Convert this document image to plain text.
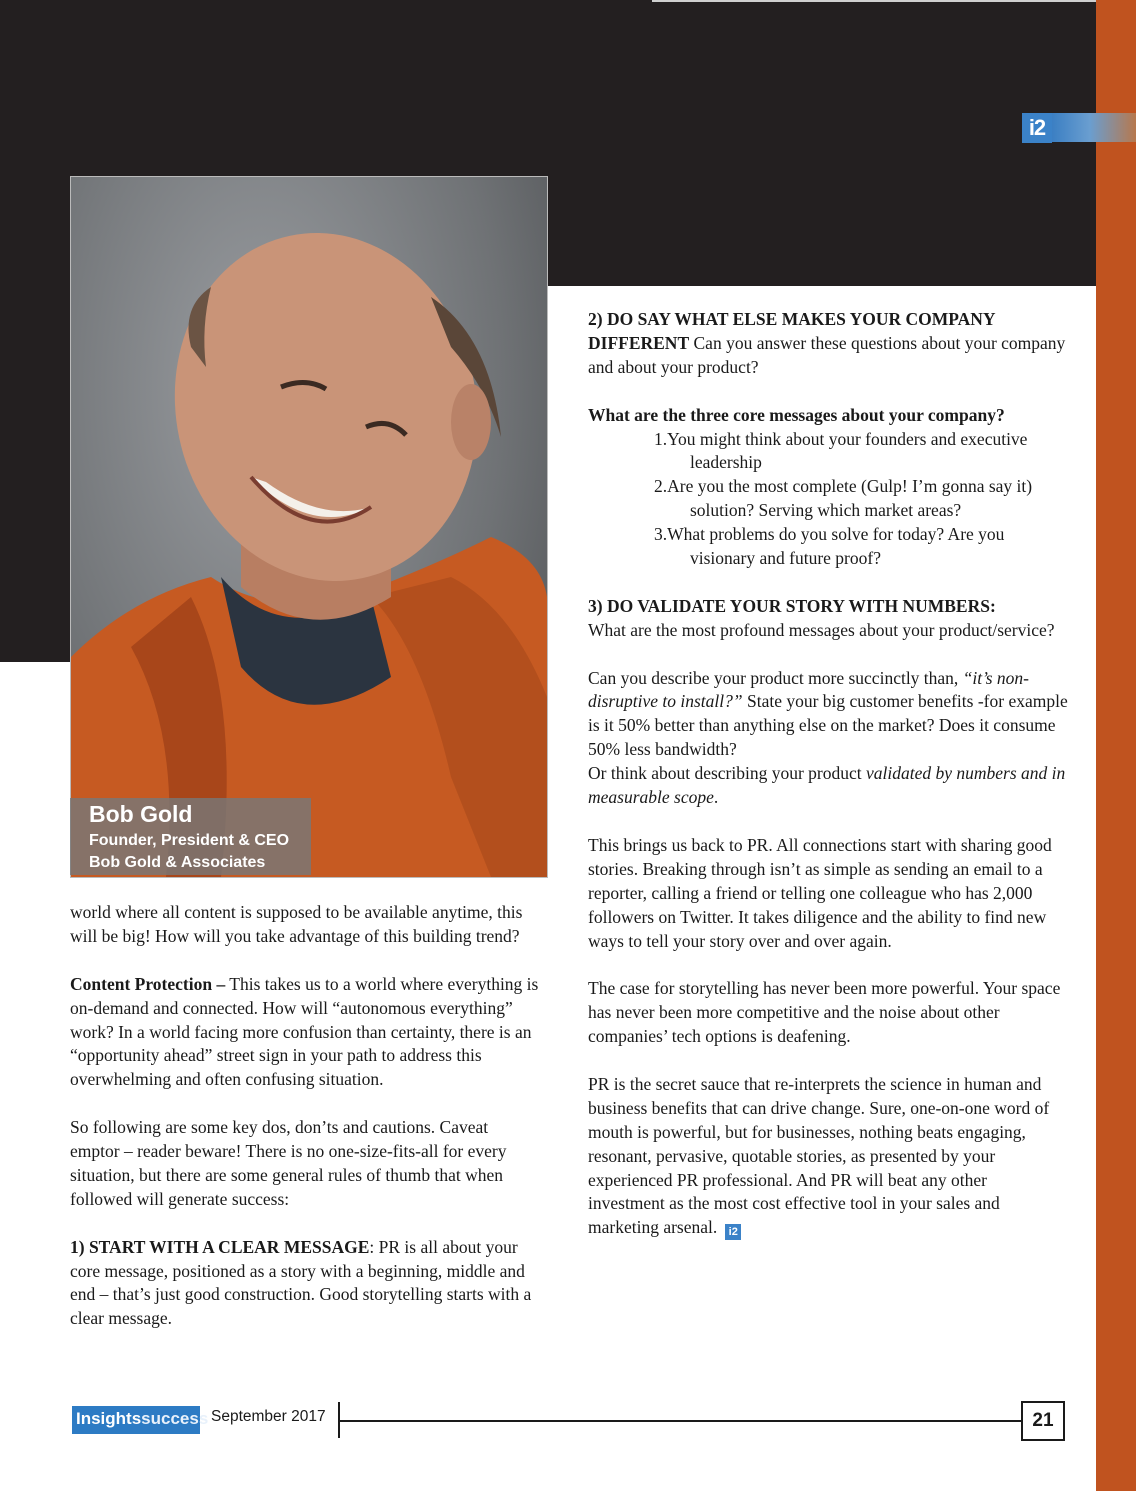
i2
Bob Gold
Founder, President & CEO
Bob Gold & Associates

world where all content is supposed to be available anytime, this will be big! How will you take advantage of this building trend?

Content Protection – This takes us to a world where everything is on-demand and connected. How will “autonomous everything” work? In a world facing more confusion than certainty, there is an “opportunity ahead” street sign in your path to address this overwhelming and often confusing situation.

So following are some key dos, don’ts and cautions. Caveat emptor – reader beware! There is no one-size-fits-all for every situation, but there are some general rules of thumb that when followed will generate success:

1) START WITH A CLEAR MESSAGE: PR is all about your core message, positioned as a story with a beginning, middle and end – that’s just good construction. Good storytelling starts with a clear message.

2) DO SAY WHAT ELSE MAKES YOUR COMPANY DIFFERENT Can you answer these questions about your company and about your product?

What are the three core messages about your company?
1.You might think about your founders and executive leadership
2.Are you the most complete (Gulp! I’m gonna say it) solution? Serving which market areas?
3.What problems do you solve for today? Are you visionary and future proof?
3) DO VALIDATE YOUR STORY WITH NUMBERS:

What are the most profound messages about your product/service?

Can you describe your product more succinctly than, “it’s non-disruptive to install?” State your big customer benefits -for example is it 50% better than anything else on the market? Does it consume 50% less bandwidth?
Or think about describing your product validated by numbers and in measurable scope.

This brings us back to PR. All connections start with sharing good stories. Breaking through isn’t as simple as sending an email to a reporter, calling a friend or telling one colleague who has 2,000 followers on Twitter. It takes diligence and the ability to find new ways to tell your story over and over again.

The case for storytelling has never been more powerful. Your space has never been more competitive and the noise about other companies’ tech options is deafening.

PR is the secret sauce that re-interprets the science in human and business benefits that can drive change. Sure, one-on-one word of mouth is powerful, but for businesses, nothing beats engaging, resonant, pervasive, quotable stories, as presented by your experienced PR professional. And PR will beat any other investment as the most cost effective tool in your sales and marketing arsenal. i2

Insightssuccess September 2017	21
